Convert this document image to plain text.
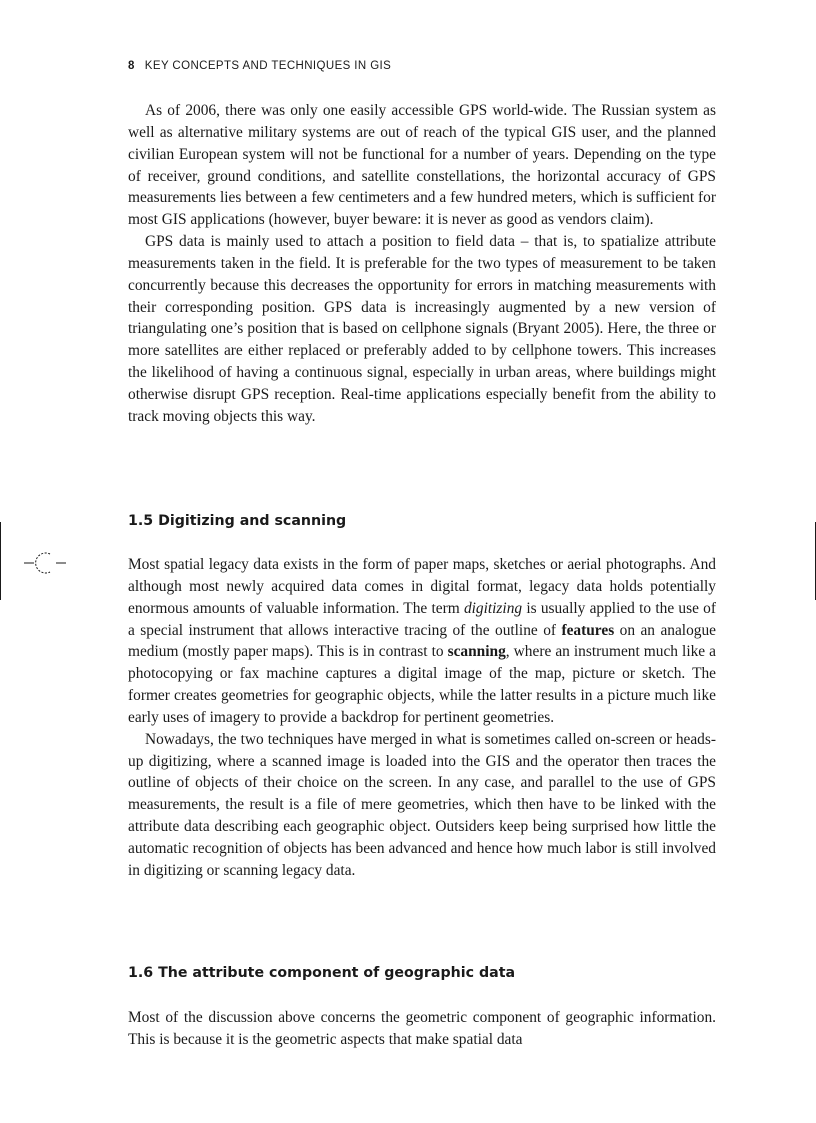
8 KEY CONCEPTS AND TECHNIQUES IN GIS

As of 2006, there was only one easily accessible GPS world-wide. The Russian system as well as alternative military systems are out of reach of the typical GIS user, and the planned civilian European system will not be functional for a number of years. Depending on the type of receiver, ground conditions, and satellite constellations, the horizontal accuracy of GPS measurements lies between a few centimeters and a few hundred meters, which is sufficient for most GIS applications (however, buyer beware: it is never as good as vendors claim).

GPS data is mainly used to attach a position to field data – that is, to spatialize attribute measurements taken in the field. It is preferable for the two types of measurement to be taken concurrently because this decreases the opportunity for errors in matching measurements with their corresponding position. GPS data is increasingly augmented by a new version of triangulating one’s position that is based on cellphone signals (Bryant 2005). Here, the three or more satellites are either replaced or preferably added to by cellphone towers. This increases the likelihood of having a continuous signal, especially in urban areas, where buildings might otherwise disrupt GPS reception. Real-time applications especially benefit from the ability to track moving objects this way.

1.5 Digitizing and scanning

Most spatial legacy data exists in the form of paper maps, sketches or aerial photographs. And although most newly acquired data comes in digital format, legacy data holds potentially enormous amounts of valuable information. The term digitizing is usually applied to the use of a special instrument that allows interactive tracing of the outline of features on an analogue medium (mostly paper maps). This is in contrast to scanning, where an instrument much like a photocopying or fax machine captures a digital image of the map, picture or sketch. The former creates geometries for geographic objects, while the latter results in a picture much like early uses of imagery to provide a backdrop for pertinent geometries.

Nowadays, the two techniques have merged in what is sometimes called on-screen or heads-up digitizing, where a scanned image is loaded into the GIS and the operator then traces the outline of objects of their choice on the screen. In any case, and parallel to the use of GPS measurements, the result is a file of mere geometries, which then have to be linked with the attribute data describing each geographic object. Outsiders keep being surprised how little the automatic recognition of objects has been advanced and hence how much labor is still involved in digitizing or scanning legacy data.

1.6 The attribute component of geographic data

Most of the discussion above concerns the geometric component of geographic information. This is because it is the geometric aspects that make spatial data
